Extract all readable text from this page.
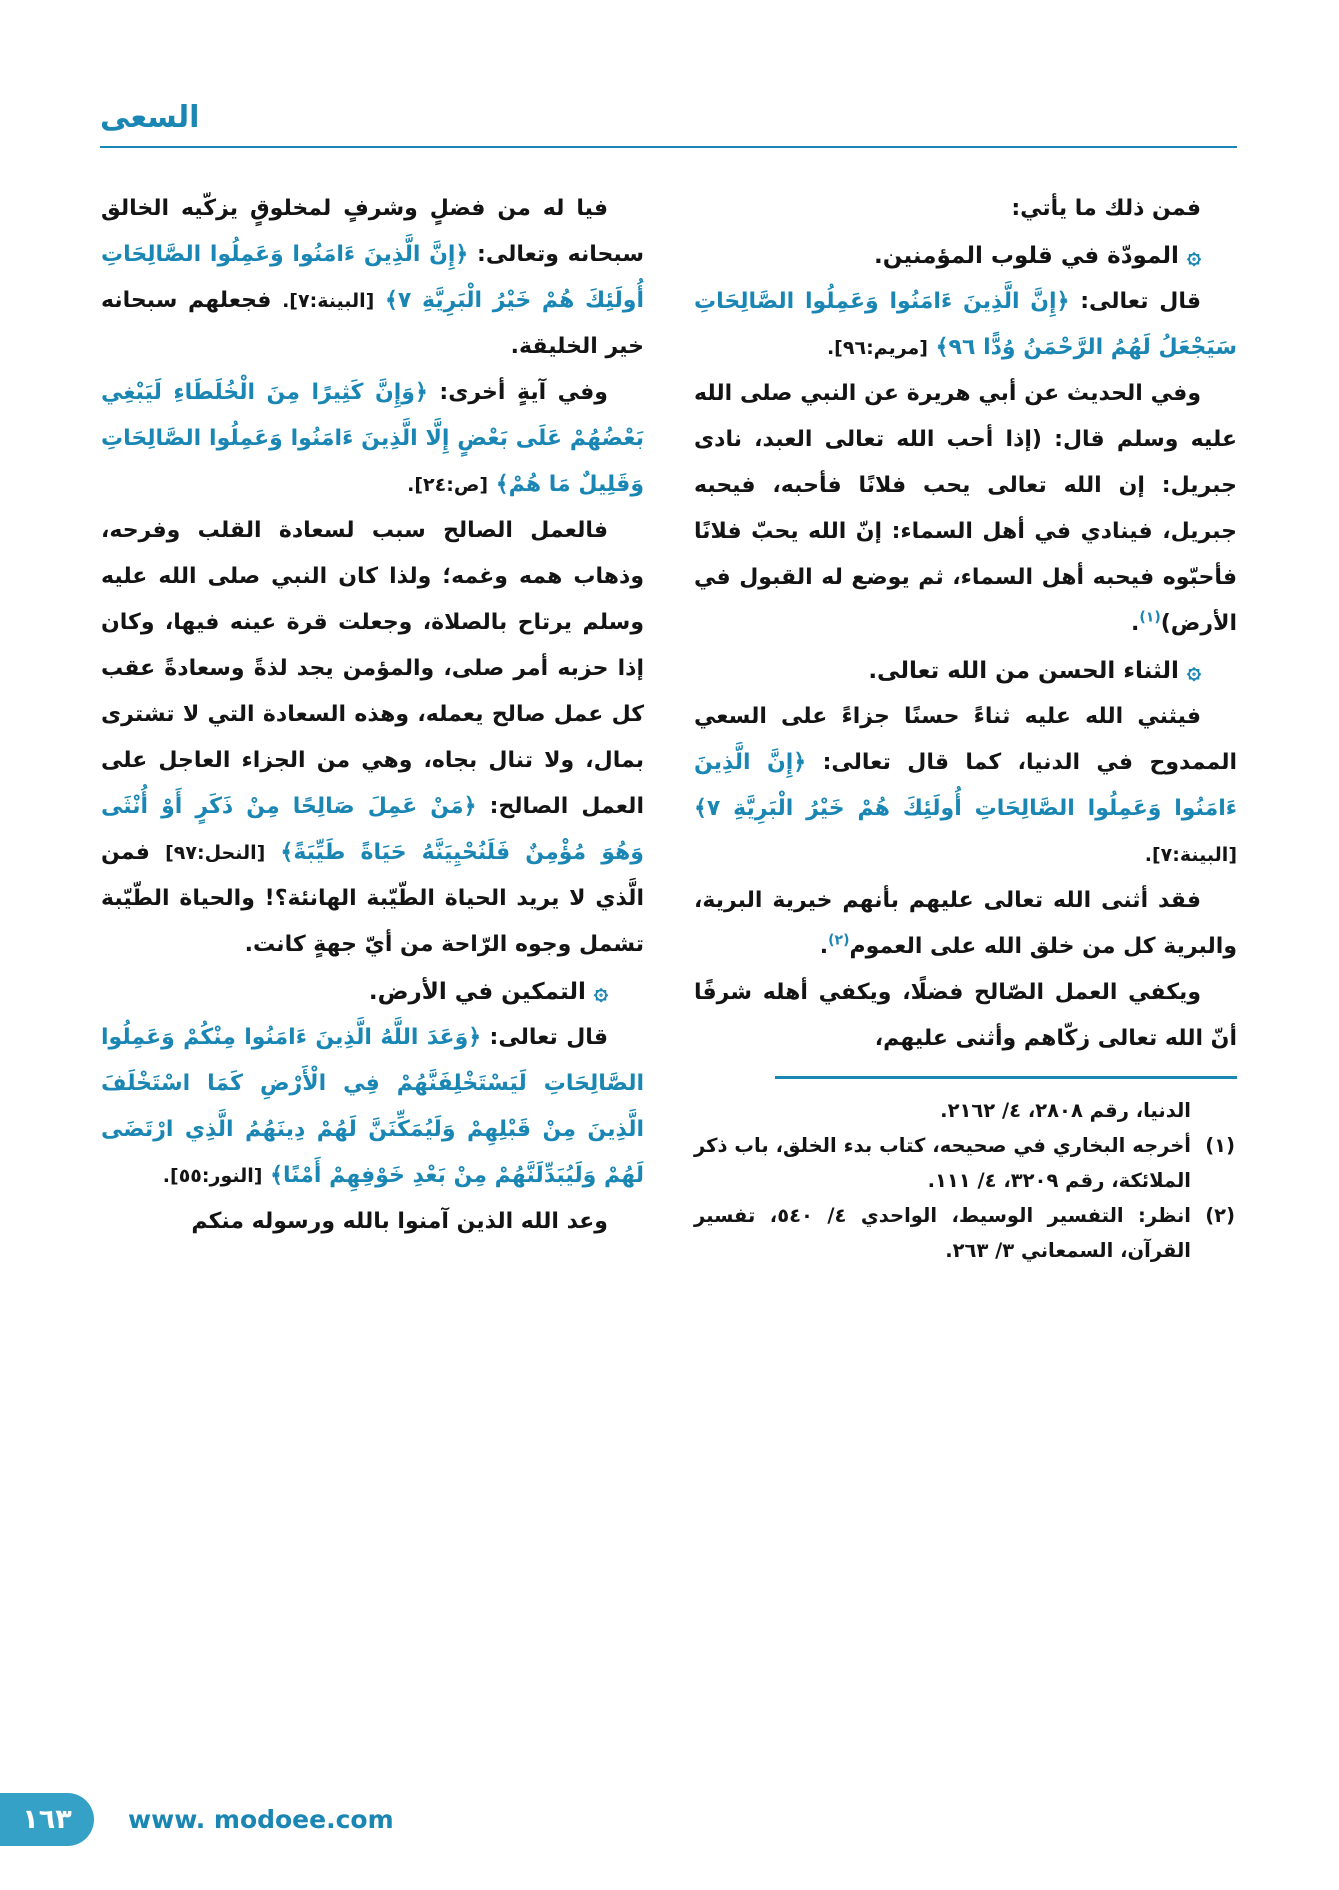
السعى

فمن ذلك ما يأتي:

۞ المودّة في قلوب المؤمنين.

قال تعالى: ﴿إِنَّ الَّذِينَ ءَامَنُوا وَعَمِلُوا الصَّالِحَاتِ سَيَجْعَلُ لَهُمُ الرَّحْمَنُ وُدًّا ٩٦﴾ [مريم:٩٦].

وفي الحديث عن أبي هريرة عن النبي صلى الله عليه وسلم قال: (إذا أحب الله تعالى العبد، نادى جبريل: إن الله تعالى يحب فلانًا فأحبه، فيحبه جبريل، فينادي في أهل السماء: إنّ الله يحبّ فلانًا فأحبّوه فيحبه أهل السماء، ثم يوضع له القبول في الأرض)$^{(١)}$.

۞ الثناء الحسن من الله تعالى.

فيثني الله عليه ثناءً حسنًا جزاءً على السعي الممدوح في الدنيا، كما قال تعالى: ﴿إِنَّ الَّذِينَ ءَامَنُوا وَعَمِلُوا الصَّالِحَاتِ أُولَئِكَ هُمْ خَيْرُ الْبَرِيَّةِ ٧﴾ [البينة:٧].

فقد أثنى الله تعالى عليهم بأنهم خيرية البرية، والبرية كل من خلق الله على العموم$^{(٢)}$.

ويكفي العمل الصّالح فضلًا، ويكفي أهله شرفًا أنّ الله تعالى زكّاهم وأثنى عليهم،

الدنيا، رقم ٢٨٠٨، ٤/ ٢١٦٢.
(١)
أخرجه البخاري في صحيحه، كتاب بدء الخلق، باب ذكر الملائكة، رقم ٣٢٠٩، ٤/ ١١١.
(٢)
انظر: التفسير الوسيط، الواحدي ٤/ ٥٤٠، تفسير القرآن، السمعاني ٣/ ٢٦٣.

فيا له من فضلٍ وشرفٍ لمخلوقٍ يزكّيه الخالق سبحانه وتعالى: ﴿إِنَّ الَّذِينَ ءَامَنُوا وَعَمِلُوا الصَّالِحَاتِ أُولَئِكَ هُمْ خَيْرُ الْبَرِيَّةِ ٧﴾ [البينة:٧]. فجعلهم سبحانه خير الخليقة.

وفي آيةٍ أخرى: ﴿وَإِنَّ كَثِيرًا مِنَ الْخُلَطَاءِ لَيَبْغِي بَعْضُهُمْ عَلَى بَعْضٍ إِلَّا الَّذِينَ ءَامَنُوا وَعَمِلُوا الصَّالِحَاتِ وَقَلِيلٌ مَا هُمْ﴾ [ص:٢٤].

فالعمل الصالح سبب لسعادة القلب وفرحه، وذهاب همه وغمه؛ ولذا كان النبي صلى الله عليه وسلم يرتاح بالصلاة، وجعلت قرة عينه فيها، وكان إذا حزبه أمر صلى، والمؤمن يجد لذةً وسعادةً عقب كل عمل صالح يعمله، وهذه السعادة التي لا تشترى بمال، ولا تنال بجاه، وهي من الجزاء العاجل على العمل الصالح: ﴿مَنْ عَمِلَ صَالِحًا مِنْ ذَكَرٍ أَوْ أُنْثَى وَهُوَ مُؤْمِنٌ فَلَنُحْيِيَنَّهُ حَيَاةً طَيِّبَةً﴾ [النحل:٩٧] فمن الَّذي لا يريد الحياة الطّيّبة الهانئة؟! والحياة الطّيّبة تشمل وجوه الرّاحة من أيّ جهةٍ كانت.

۞ التمكين في الأرض.

قال تعالى: ﴿وَعَدَ اللَّهُ الَّذِينَ ءَامَنُوا مِنْكُمْ وَعَمِلُوا الصَّالِحَاتِ لَيَسْتَخْلِفَنَّهُمْ فِي الْأَرْضِ كَمَا اسْتَخْلَفَ الَّذِينَ مِنْ قَبْلِهِمْ وَلَيُمَكِّنَنَّ لَهُمْ دِينَهُمُ الَّذِي ارْتَضَى لَهُمْ وَلَيُبَدِّلَنَّهُمْ مِنْ بَعْدِ خَوْفِهِمْ أَمْنًا﴾ [النور:٥٥].

وعد الله الذين آمنوا بالله ورسوله منكم

١٦٣ www. modoee.com
